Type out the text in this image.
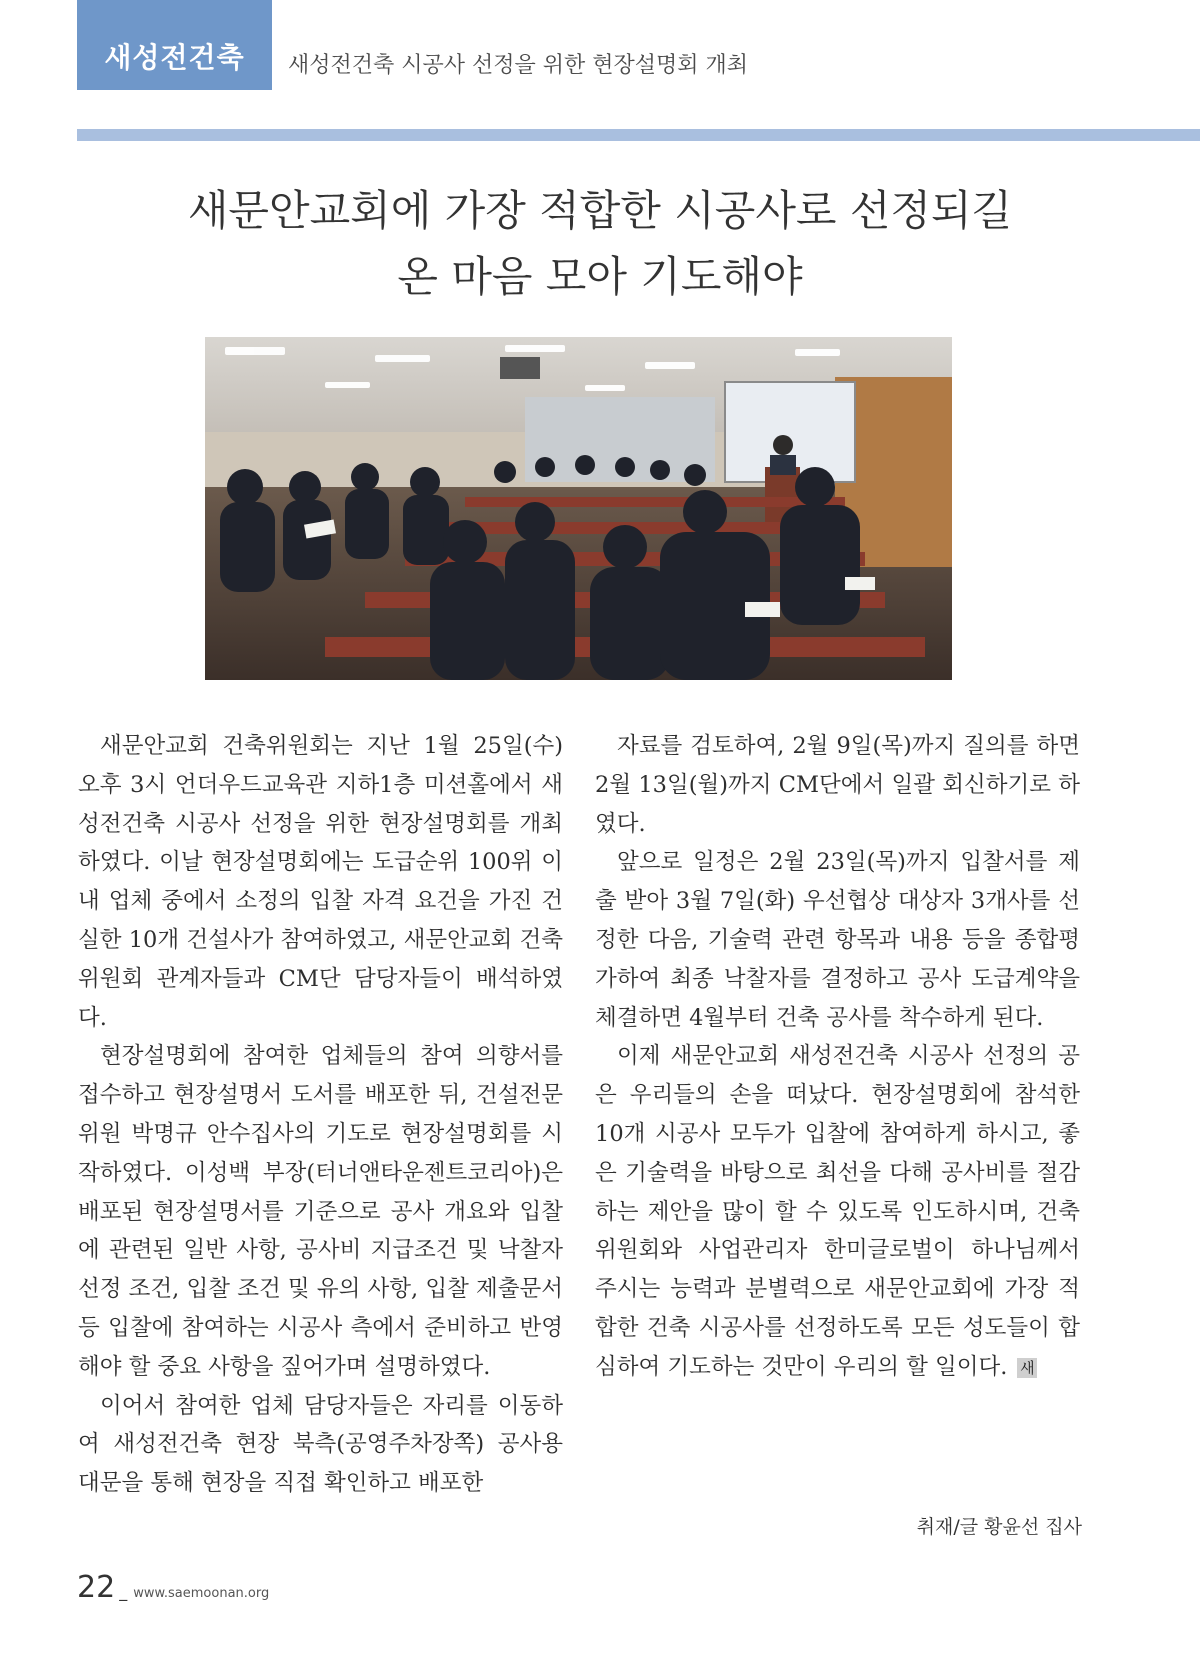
새성전건축 새성전건축 시공사 선정을 위한 현장설명회 개최
새문안교회에 가장 적합한 시공사로 선정되길
온 마음 모아 기도해야

새문안교회 건축위원회는 지난 1월 25일(수) 오후 3시 언더우드교육관 지하1층 미션홀에서 새성전건축 시공사 선정을 위한 현장설명회를 개최하였다. 이날 현장설명회에는 도급순위 100위 이내 업체 중에서 소정의 입찰 자격 요건을 가진 건실한 10개 건설사가 참여하였고, 새문안교회 건축위원회 관계자들과 CM단 담당자들이 배석하였다.

현장설명회에 참여한 업체들의 참여 의향서를 접수하고 현장설명서 도서를 배포한 뒤, 건설전문위원 박명규 안수집사의 기도로 현장설명회를 시작하였다. 이성백 부장(터너앤타운젠트코리아)은 배포된 현장설명서를 기준으로 공사 개요와 입찰에 관련된 일반 사항, 공사비 지급조건 및 낙찰자 선정 조건, 입찰 조건 및 유의 사항, 입찰 제출문서 등 입찰에 참여하는 시공사 측에서 준비하고 반영해야 할 중요 사항을 짚어가며 설명하였다.

이어서 참여한 업체 담당자들은 자리를 이동하여 새성전건축 현장 북측(공영주차장쪽) 공사용 대문을 통해 현장을 직접 확인하고 배포한

자료를 검토하여, 2월 9일(목)까지 질의를 하면 2월 13일(월)까지 CM단에서 일괄 회신하기로 하였다.

앞으로 일정은 2월 23일(목)까지 입찰서를 제출 받아 3월 7일(화) 우선협상 대상자 3개사를 선정한 다음, 기술력 관련 항목과 내용 등을 종합평가하여 최종 낙찰자를 결정하고 공사 도급계약을 체결하면 4월부터 건축 공사를 착수하게 된다.

이제 새문안교회 새성전건축 시공사 선정의 공은 우리들의 손을 떠났다. 현장설명회에 참석한 10개 시공사 모두가 입찰에 참여하게 하시고, 좋은 기술력을 바탕으로 최선을 다해 공사비를 절감하는 제안을 많이 할 수 있도록 인도하시며, 건축위원회와 사업관리자 한미글로벌이 하나님께서 주시는 능력과 분별력으로 새문안교회에 가장 적합한 건축 시공사를 선정하도록 모든 성도들이 합심하여 기도하는 것만이 우리의 할 일이다. 새

취재/글 황윤선 집사
22 _ www.saemoonan.org
